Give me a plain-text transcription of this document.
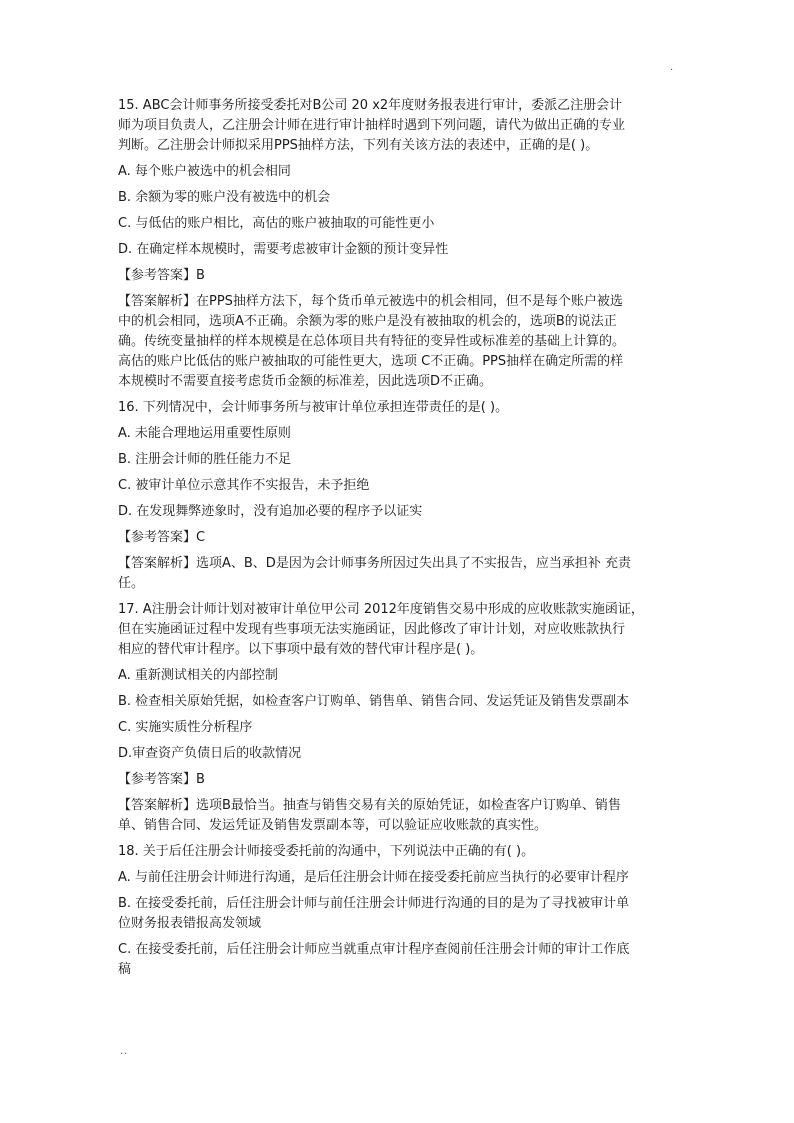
.
15. ABC会计师事务所接受委托对B公司 20 x2年度财务报表进行审计，委派乙注册会计
师为项目负责人，乙注册会计师在进行审计抽样时遇到下列问题，请代为做出正确的专业
判断。乙注册会计师拟采用PPS抽样方法，下列有关该方法的表述中，正确的是( )。
A. 每个账户被选中的机会相同
B. 余额为零的账户没有被选中的机会
C. 与低估的账户相比，高估的账户被抽取的可能性更小
D. 在确定样本规模时，需要考虑被审计金额的预计变异性
【参考答案】B
【答案解析】在PPS抽样方法下，每个货币单元被选中的机会相同，但不是每个账户被选
中的机会相同，选项A不正确。余额为零的账户是没有被抽取的机会的，选项B的说法正
确。传统变量抽样的样本规模是在总体项目共有特征的变异性或标准差的基础上计算的。
高估的账户比低估的账户被抽取的可能性更大，选项 C不正确。PPS抽样在确定所需的样
本规模时不需要直接考虑货币金额的标准差，因此选项D不正确。
16. 下列情况中，会计师事务所与被审计单位承担连带责任的是( )。
A. 未能合理地运用重要性原则
B. 注册会计师的胜任能力不足
C. 被审计单位示意其作不实报告，未予拒绝
D. 在发现舞弊迹象时，没有追加必要的程序予以证实
【参考答案】C
【答案解析】选项A、B、D是因为会计师事务所因过失出具了不实报告，应当承担补 充责
任。
17. A注册会计师计划对被审计单位甲公司 2012年度销售交易中形成的应收账款实施函证，
但在实施函证过程中发现有些事项无法实施函证，因此修改了审计计划，对应收账款执行
相应的替代审计程序。以下事项中最有效的替代审计程序是( )。
A. 重新测试相关的内部控制
B. 检查相关原始凭据，如检查客户订购单、销售单、销售合同、发运凭证及销售发票副本
C. 实施实质性分析程序
D.审查资产负债日后的收款情况
【参考答案】B
【答案解析】选项B最恰当。抽查与销售交易有关的原始凭证，如检查客户订购单、销售
单、销售合同、发运凭证及销售发票副本等，可以验证应收账款的真实性。
18. 关于后任注册会计师接受委托前的沟通中，下列说法中正确的有( )。
A. 与前任注册会计师进行沟通，是后任注册会计师在接受委托前应当执行的必要审计程序
B. 在接受委托前，后任注册会计师与前任注册会计师进行沟通的目的是为了寻找被审计单
位财务报表错报高发领域
C. 在接受委托前，后任注册会计师应当就重点审计程序查阅前任注册会计师的审计工作底
稿
..
